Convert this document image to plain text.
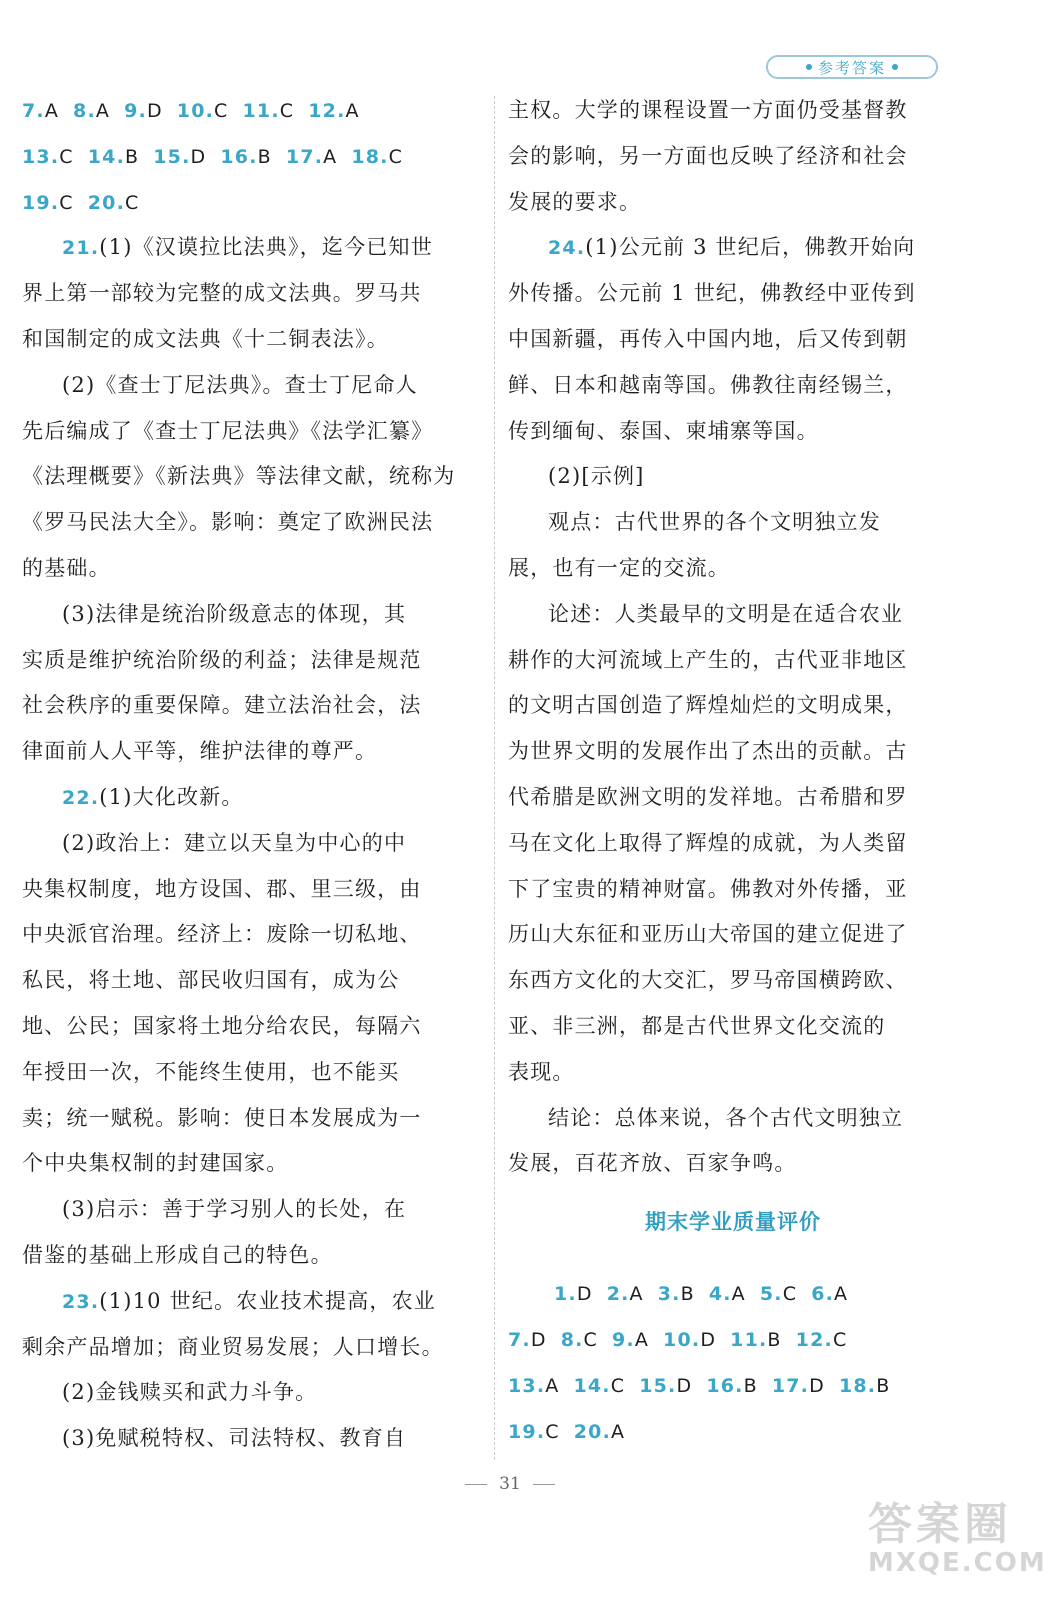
参考答案
7.A 8.A 9.D 10.C 11.C 12.A
13.C 14.B 15.D 16.B 17.A 18.C
19.C 20.C
21.(1)《汉谟拉比法典》，迄今已知世
界上第一部较为完整的成文法典。罗马共
和国制定的成文法典《十二铜表法》。
(2)《查士丁尼法典》。查士丁尼命人
先后编成了《查士丁尼法典》《法学汇纂》
《法理概要》《新法典》等法律文献，统称为
《罗马民法大全》。影响：奠定了欧洲民法
的基础。
(3)法律是统治阶级意志的体现，其
实质是维护统治阶级的利益；法律是规范
社会秩序的重要保障。建立法治社会，法
律面前人人平等，维护法律的尊严。
22.(1)大化改新。
(2)政治上：建立以天皇为中心的中
央集权制度，地方设国、郡、里三级，由
中央派官治理。经济上：废除一切私地、
私民，将土地、部民收归国有，成为公
地、公民；国家将土地分给农民，每隔六
年授田一次，不能终生使用，也不能买
卖；统一赋税。影响：使日本发展成为一
个中央集权制的封建国家。
(3)启示：善于学习别人的长处，在
借鉴的基础上形成自己的特色。
23.(1)10 世纪。农业技术提高，农业
剩余产品增加；商业贸易发展；人口增长。
(2)金钱赎买和武力斗争。
(3)免赋税特权、司法特权、教育自
主权。大学的课程设置一方面仍受基督教
会的影响，另一方面也反映了经济和社会
发展的要求。
24.(1)公元前 3 世纪后，佛教开始向
外传播。公元前 1 世纪，佛教经中亚传到
中国新疆，再传入中国内地，后又传到朝
鲜、日本和越南等国。佛教往南经锡兰，
传到缅甸、泰国、柬埔寨等国。
(2)[示例]
观点：古代世界的各个文明独立发
展，也有一定的交流。
论述：人类最早的文明是在适合农业
耕作的大河流域上产生的，古代亚非地区
的文明古国创造了辉煌灿烂的文明成果，
为世界文明的发展作出了杰出的贡献。古
代希腊是欧洲文明的发祥地。古希腊和罗
马在文化上取得了辉煌的成就，为人类留
下了宝贵的精神财富。佛教对外传播，亚
历山大东征和亚历山大帝国的建立促进了
东西方文化的大交汇，罗马帝国横跨欧、
亚、非三洲，都是古代世界文化交流的
表现。
结论：总体来说，各个古代文明独立
发展，百花齐放、百家争鸣。
期末学业质量评价
1.D 2.A 3.B 4.A 5.C 6.A
7.D 8.C 9.A 10.D 11.B 12.C
13.A 14.C 15.D 16.B 17.D 18.B
19.C 20.A
31
答案圈
MXQE.COM
